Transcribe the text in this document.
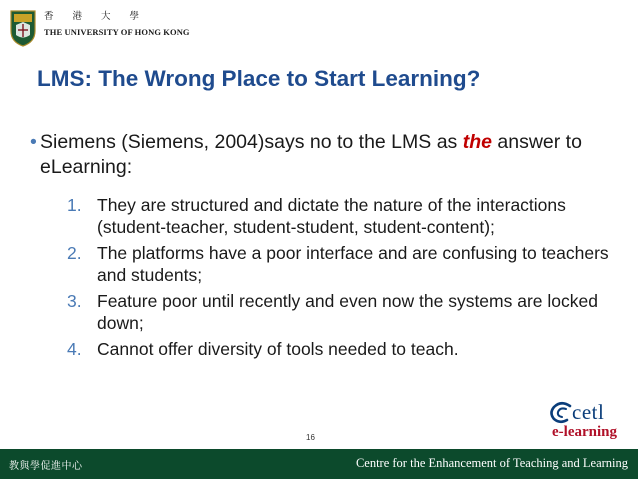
香 港 大 學
THE UNIVERSITY OF HONG KONG
LMS: The Wrong Place to Start Learning?
• Siemens (Siemens, 2004)says no to the LMS as the answer to eLearning:
1. They are structured and dictate the nature of the interactions (student-teacher, student-student, student-content);
2. The platforms have a poor interface and are confusing to teachers and students;
3. Feature poor until recently and even now the systems are locked down;
4. Cannot offer diversity of tools needed to teach.
16
cetl
e-learning
教與學促進中心	Centre for the Enhancement of Teaching and Learning
